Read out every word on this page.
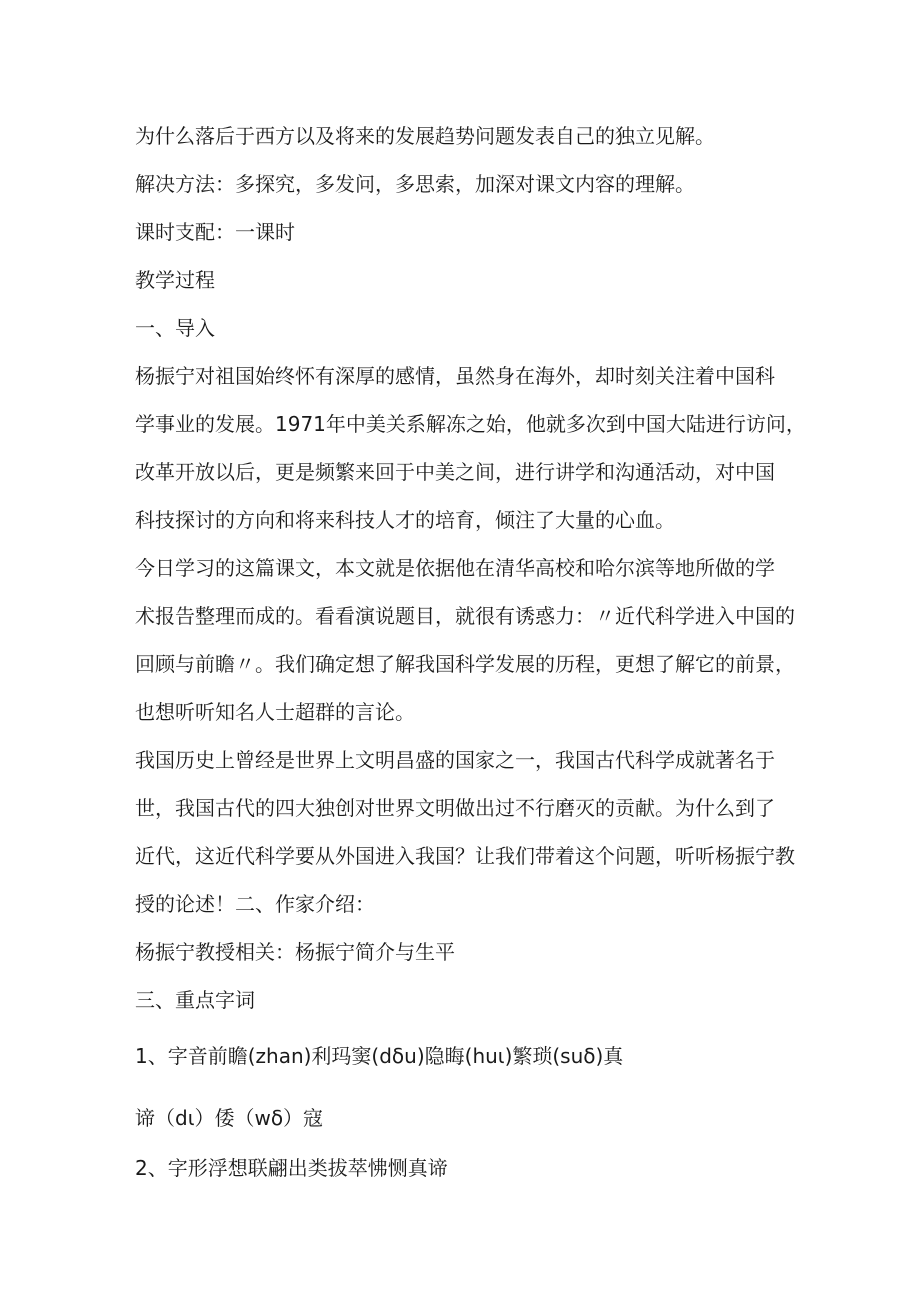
为什么落后于西方以及将来的发展趋势问题发表自己的独立见解。

解决方法：多探究，多发问，多思索，加深对课文内容的理解。

课时支配：一课时

教学过程

一、导入

杨振宁对祖国始终怀有深厚的感情，虽然身在海外，却时刻关注着中国科
学事业的发展。1971年中美关系解冻之始，他就多次到中国大陆进行访问，
改革开放以后，更是频繁来回于中美之间，进行讲学和沟通活动，对中国
科技探讨的方向和将来科技人才的培育，倾注了大量的心血。
今日学习的这篇课文，本文就是依据他在清华高校和哈尔滨等地所做的学
术报告整理而成的。看看演说题目，就很有诱惑力：〃近代科学进入中国的
回顾与前瞻〃。我们确定想了解我国科学发展的历程，更想了解它的前景，
也想听听知名人士超群的言论。
我国历史上曾经是世界上文明昌盛的国家之一，我国古代科学成就著名于
世，我国古代的四大独创对世界文明做出过不行磨灭的贡献。为什么到了
近代，这近代科学要从外国进入我国？让我们带着这个问题，听听杨振宁教
授的论述！二、作家介绍：

杨振宁教授相关：杨振宁简介与生平

三、重点字词

1、字音前瞻(zhan)利玛窦(dδu)隐晦(huι)繁琐(suδ)真

谛（dι）倭（wδ）寇

2、字形浮想联翩出类拔萃怫恻真谛
